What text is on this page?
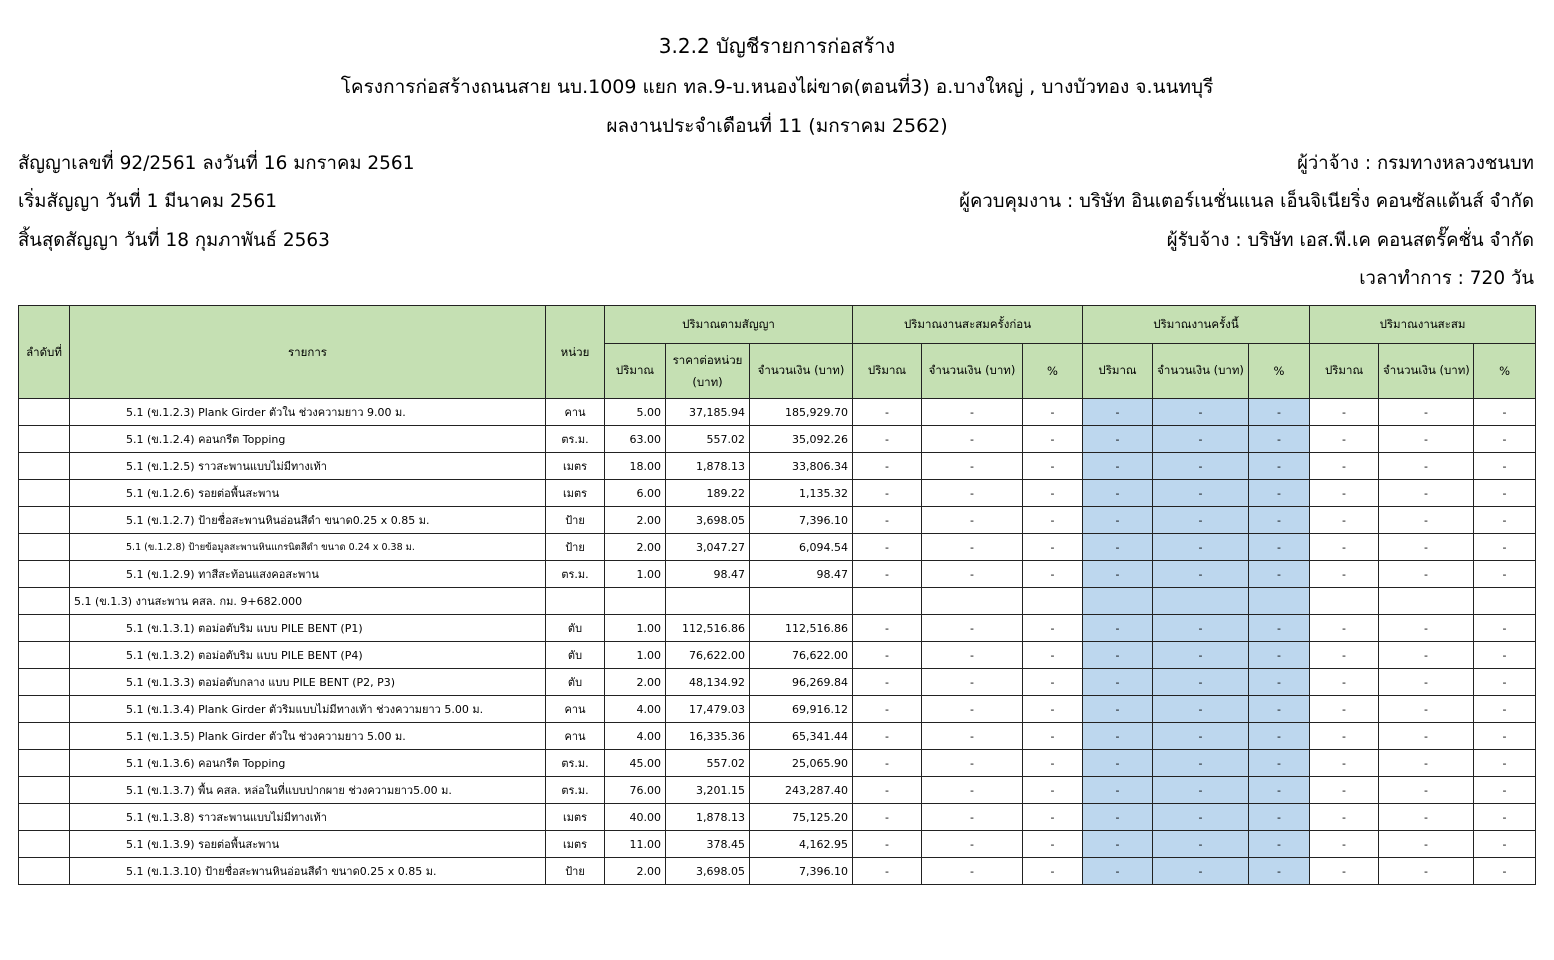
3.2.2 บัญชีรายการก่อสร้าง
โครงการก่อสร้างถนนสาย นบ.1009 แยก ทล.9-บ.หนองไผ่ขาด(ตอนที่3) อ.บางใหญ่ , บางบัวทอง จ.นนทบุรี
ผลงานประจำเดือนที่ 11 (มกราคม 2562)
สัญญาเลขที่ 92/2561 ลงวันที่ 16 มกราคม 2561
เริ่มสัญญา วันที่ 1 มีนาคม 2561
สิ้นสุดสัญญา วันที่ 18 กุมภาพันธ์ 2563
ผู้ว่าจ้าง : กรมทางหลวงชนบท
ผู้ควบคุมงาน : บริษัท อินเตอร์เนชั่นแนล เอ็นจิเนียริ่ง คอนซัลแต้นส์ จำกัด
ผู้รับจ้าง : บริษัท เอส.พี.เค คอนสตรั๊คชั่น จำกัด
เวลาทำการ : 720 วัน
ลำดับที่	รายการ	หน่วย	ปริมาณตามสัญญา			ปริมาณงานสะสมครั้งก่อน			ปริมาณงานครั้งนี้			ปริมาณงานสะสม		
			ปริมาณ	ราคาต่อหน่วย (บาท)	จำนวนเงิน (บาท)	ปริมาณ	จำนวนเงิน (บาท)	%	ปริมาณ	จำนวนเงิน (บาท)	%	ปริมาณ	จำนวนเงิน (บาท)	%
	5.1 (ข.1.2.3) Plank Girder ตัวใน ช่วงความยาว 9.00 ม.	คาน	5.00	37,185.94	185,929.70	-	-	-	-	-	-	-	-	-
	5.1 (ข.1.2.4) คอนกรีต Topping	ตร.ม.	63.00	557.02	35,092.26	-	-	-	-	-	-	-	-	-
	5.1 (ข.1.2.5) ราวสะพานแบบไม่มีทางเท้า	เมตร	18.00	1,878.13	33,806.34	-	-	-	-	-	-	-	-	-
	5.1 (ข.1.2.6) รอยต่อพื้นสะพาน	เมตร	6.00	189.22	1,135.32	-	-	-	-	-	-	-	-	-
	5.1 (ข.1.2.7) ป้ายชื่อสะพานหินอ่อนสีดำ ขนาด0.25 x 0.85 ม.	ป้าย	2.00	3,698.05	7,396.10	-	-	-	-	-	-	-	-	-
	5.1 (ข.1.2.8) ป้ายข้อมูลสะพานหินแกรนิตสีดำ ขนาด 0.24 x 0.38 ม.	ป้าย	2.00	3,047.27	6,094.54	-	-	-	-	-	-	-	-	-
	5.1 (ข.1.2.9) ทาสีสะท้อนแสงคอสะพาน	ตร.ม.	1.00	98.47	98.47	-	-	-	-	-	-	-	-	-
	5.1 (ข.1.3) งานสะพาน คสล. กม. 9+682.000													
	5.1 (ข.1.3.1) ตอม่อตับริม แบบ PILE BENT (P1)	ตับ	1.00	112,516.86	112,516.86	-	-	-	-	-	-	-	-	-
	5.1 (ข.1.3.2) ตอม่อตับริม แบบ PILE BENT (P4)	ตับ	1.00	76,622.00	76,622.00	-	-	-	-	-	-	-	-	-
	5.1 (ข.1.3.3) ตอม่อตับกลาง แบบ PILE BENT (P2, P3)	ตับ	2.00	48,134.92	96,269.84	-	-	-	-	-	-	-	-	-
	5.1 (ข.1.3.4) Plank Girder ตัวริมแบบไม่มีทางเท้า ช่วงความยาว 5.00 ม.	คาน	4.00	17,479.03	69,916.12	-	-	-	-	-	-	-	-	-
	5.1 (ข.1.3.5) Plank Girder ตัวใน ช่วงความยาว 5.00 ม.	คาน	4.00	16,335.36	65,341.44	-	-	-	-	-	-	-	-	-
	5.1 (ข.1.3.6) คอนกรีต Topping	ตร.ม.	45.00	557.02	25,065.90	-	-	-	-	-	-	-	-	-
	5.1 (ข.1.3.7) พื้น คสล. หล่อในที่แบบปากผาย ช่วงความยาว5.00 ม.	ตร.ม.	76.00	3,201.15	243,287.40	-	-	-	-	-	-	-	-	-
	5.1 (ข.1.3.8) ราวสะพานแบบไม่มีทางเท้า	เมตร	40.00	1,878.13	75,125.20	-	-	-	-	-	-	-	-	-
	5.1 (ข.1.3.9) รอยต่อพื้นสะพาน	เมตร	11.00	378.45	4,162.95	-	-	-	-	-	-	-	-	-
	5.1 (ข.1.3.10) ป้ายชื่อสะพานหินอ่อนสีดำ ขนาด0.25 x 0.85 ม.	ป้าย	2.00	3,698.05	7,396.10	-	-	-	-	-	-	-	-	-
